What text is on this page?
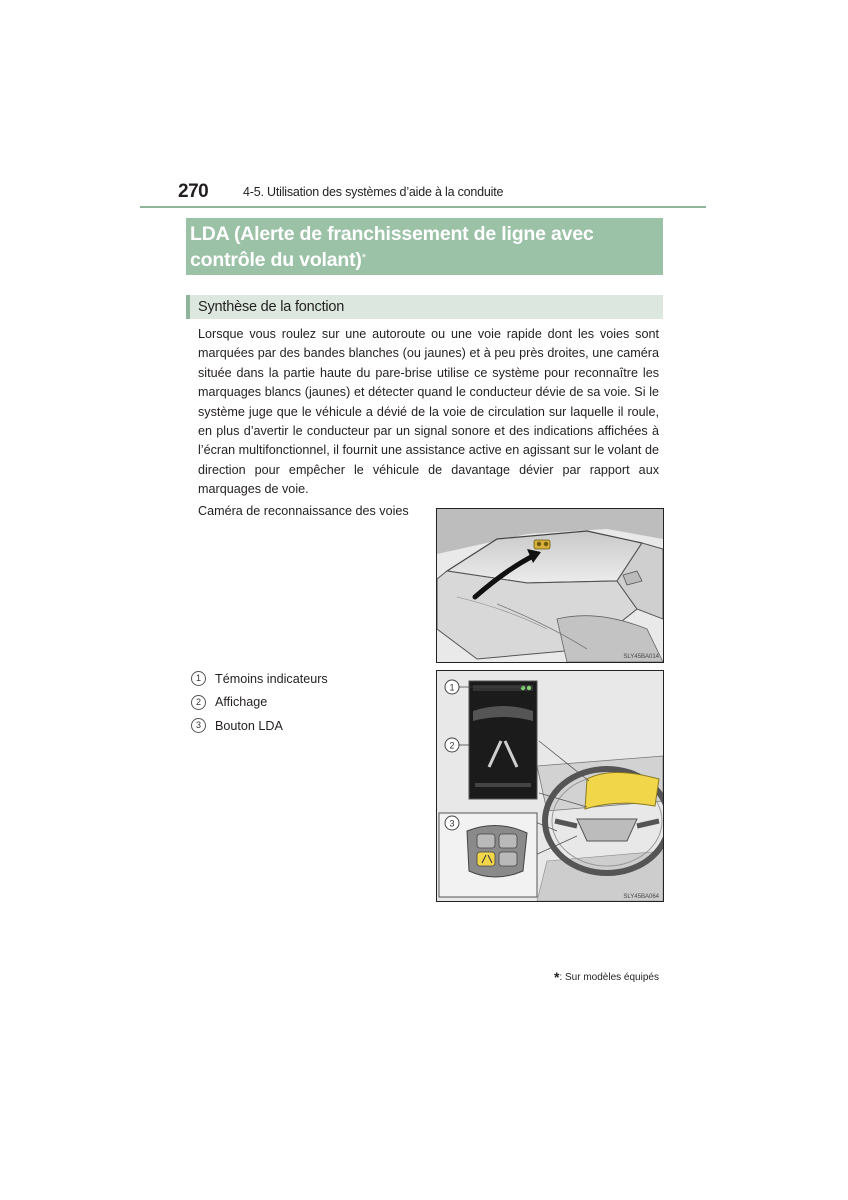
270	4-5. Utilisation des systèmes d’aide à la conduite
LDA (Alerte de franchissement de ligne avec
contrôle du volant)*
Synthèse de la fonction

Lorsque vous roulez sur une autoroute ou une voie rapide dont les voies sont marquées par des bandes blanches (ou jaunes) et à peu près droites, une caméra située dans la partie haute du pare-brise utilise ce système pour reconnaître les marquages blancs (jaunes) et détecter quand le conducteur dévie de sa voie. Si le système juge que le véhicule a dévié de la voie de circulation sur laquelle il roule, en plus d’avertir le conducteur par un signal sonore et des indications affichées à l’écran multifonctionnel, il fournit une assistance active en agissant sur le volant de direction pour empêcher le véhicule de davantage dévier par rapport aux marquages de voie.

Caméra de reconnaissance des voies
SLY45BA014
1	Témoins indicateurs
2	Affichage
3	Bouton LDA
1
2
3
SLY45BA064
*: Sur modèles équipés
